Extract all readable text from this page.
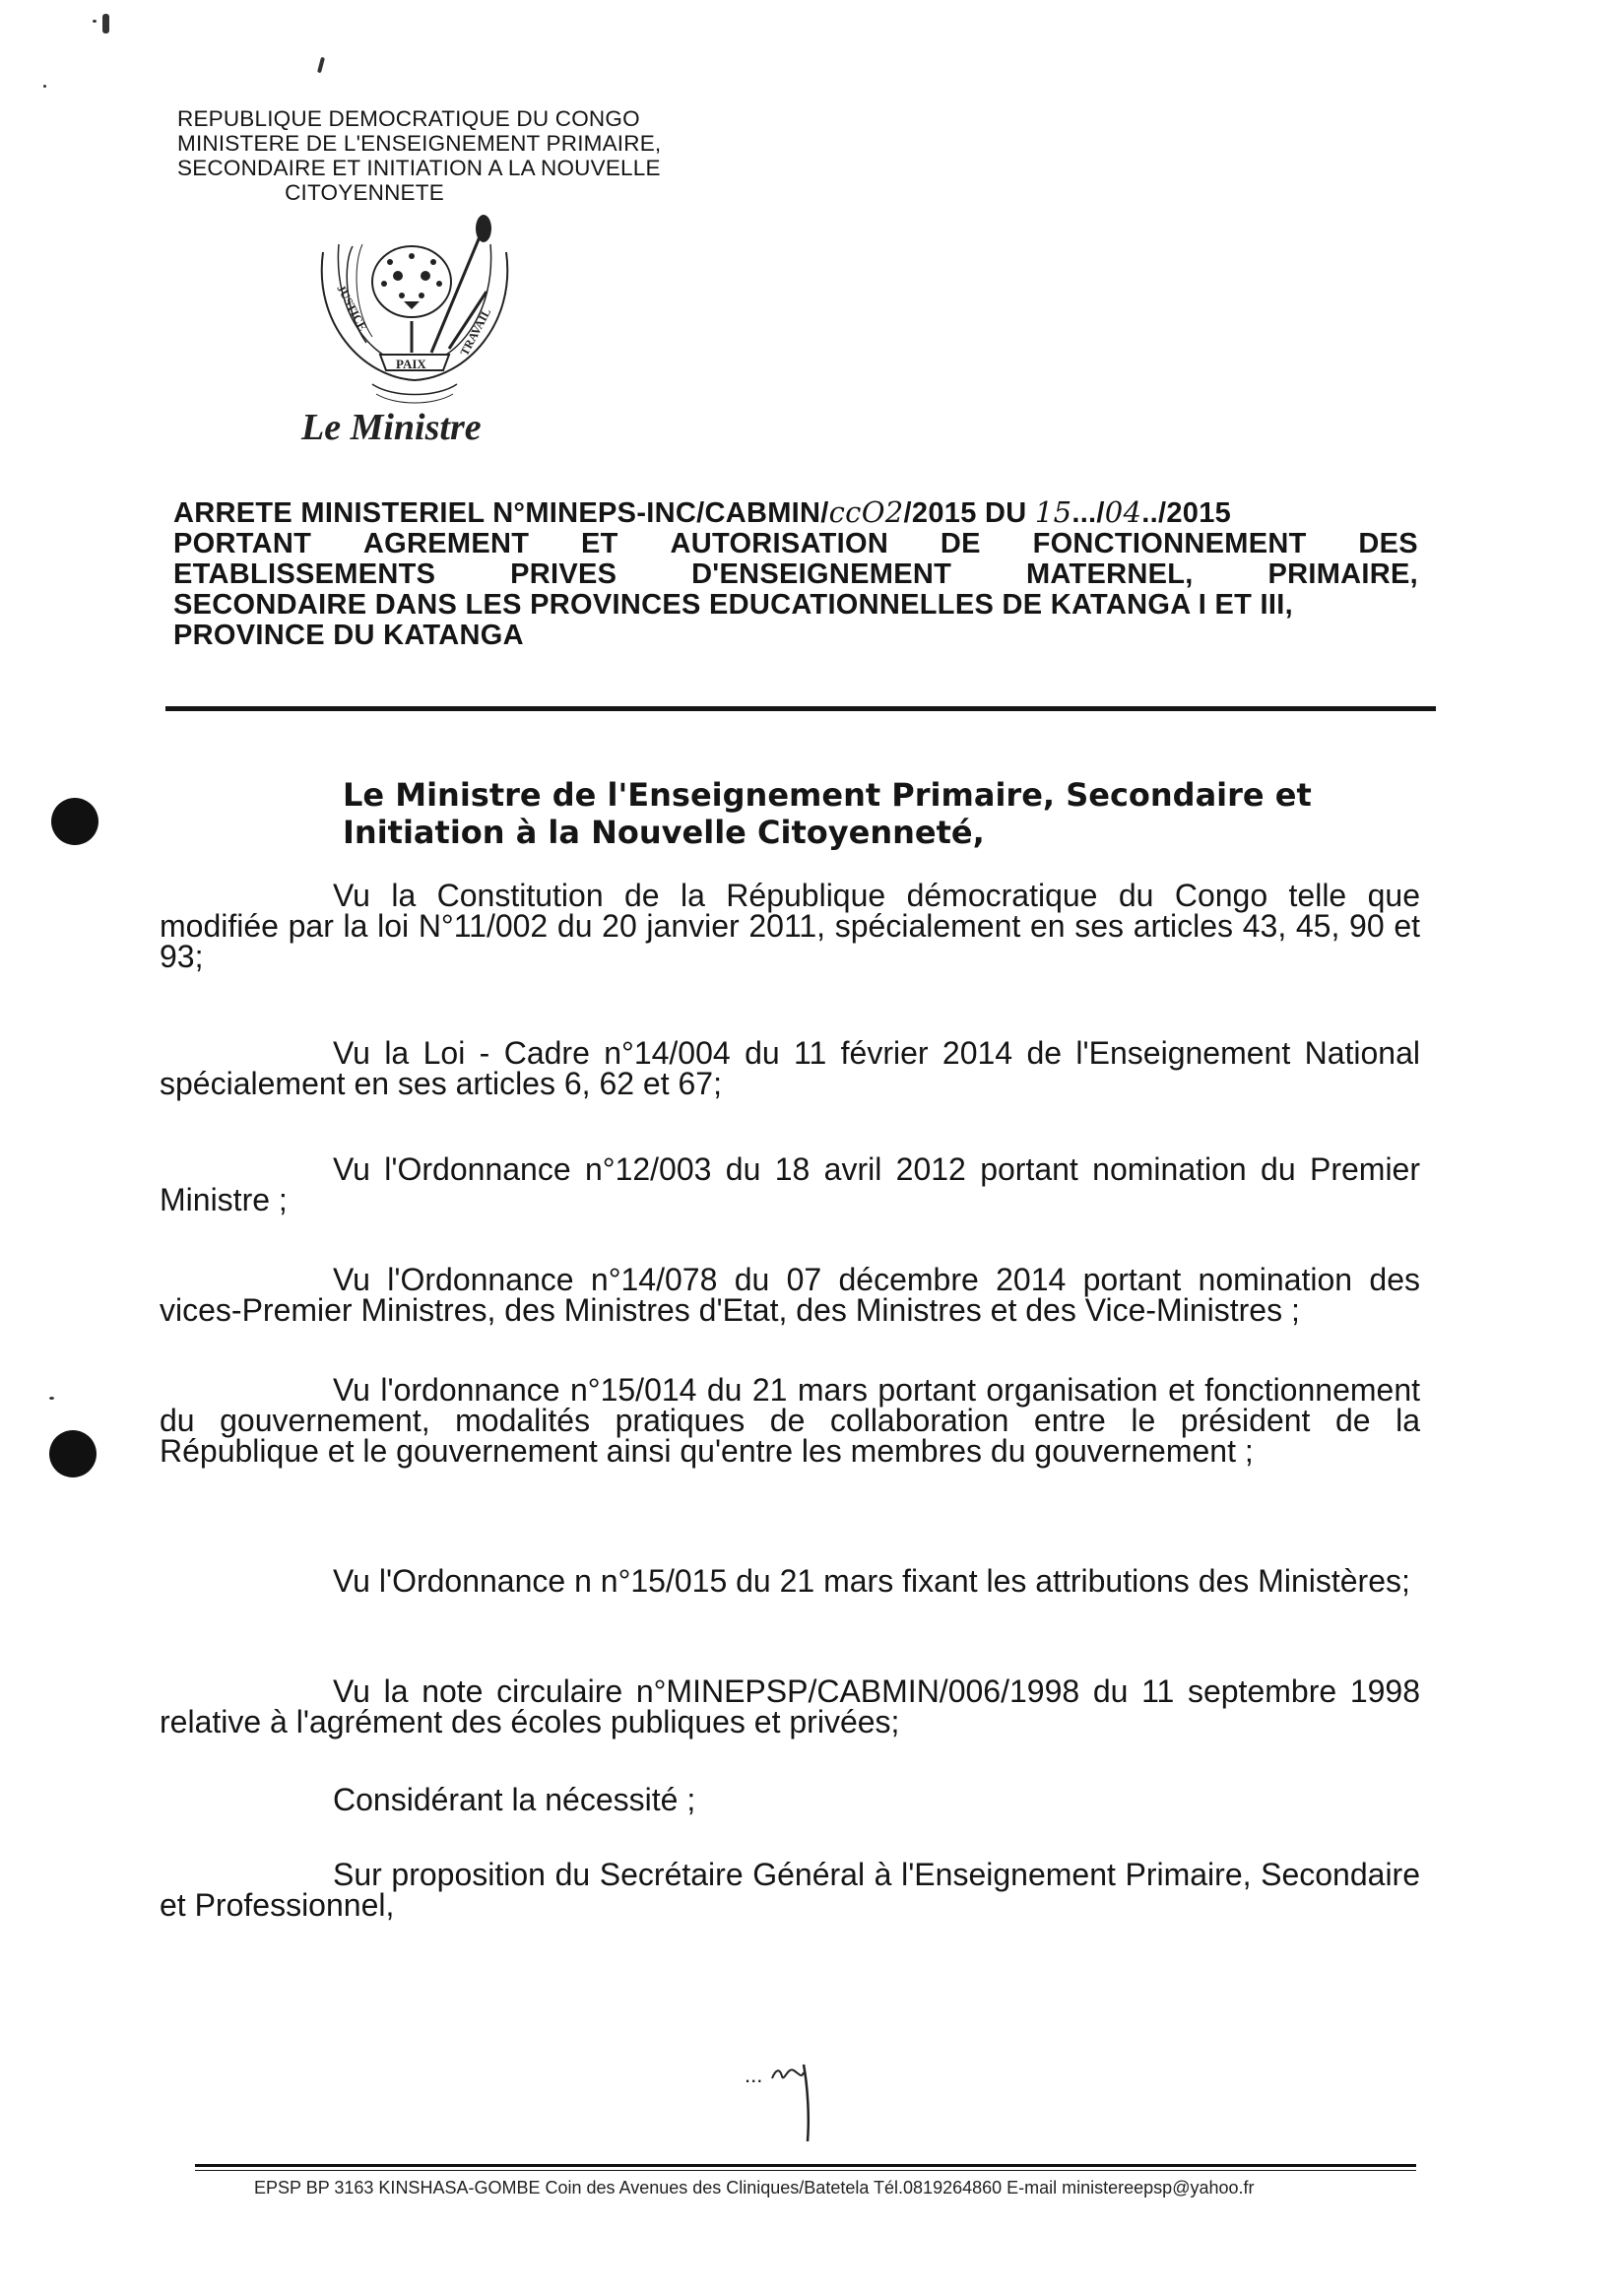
REPUBLIQUE DEMOCRATIQUE DU CONGO
MINISTERE DE L'ENSEIGNEMENT PRIMAIRE,
SECONDAIRE ET INITIATION A LA NOUVELLE
CITOYENNETE
JUSTICE
PAIX
TRAVAIL
Le Ministre
ARRETE MINISTERIEL N°MINEPS-INC/CABMIN/ccO2/2015 DU 15.../04../2015
PORTANT AGREMENT ET AUTORISATION DE FONCTIONNEMENT DES
ETABLISSEMENTS	PRIVES	D'ENSEIGNEMENT	MATERNEL,	PRIMAIRE,
SECONDAIRE DANS LES PROVINCES EDUCATIONNELLES DE KATANGA I ET III,
PROVINCE DU KATANGA
Le Ministre de l'Enseignement Primaire, Secondaire et Initiation à la Nouvelle Citoyenneté,

Vu la Constitution de la République démocratique du Congo telle que modifiée par la loi N°11/002 du 20 janvier 2011, spécialement en ses articles 43, 45, 90 et 93;

Vu la Loi - Cadre n°14/004 du 11 février 2014 de l'Enseignement National spécialement en ses articles 6, 62 et 67;

Vu l'Ordonnance n°12/003 du 18 avril 2012 portant nomination du Premier Ministre ;

Vu l'Ordonnance n°14/078 du 07 décembre 2014 portant nomination des vices-Premier Ministres, des Ministres d'Etat, des Ministres et des Vice-Ministres ;

Vu l'ordonnance n°15/014 du 21 mars portant organisation et fonctionnement du gouvernement, modalités pratiques de collaboration entre le président de la République et le gouvernement ainsi qu'entre les membres du gouvernement ;

Vu l'Ordonnance n n°15/015 du 21 mars fixant les attributions des Ministères;

Vu la note circulaire n°MINEPSP/CABMIN/006/1998 du 11 septembre 1998 relative à l'agrément des écoles publiques et privées;

Considérant la nécessité ;

Sur proposition du Secrétaire Général à l'Enseignement Primaire, Secondaire et Professionnel,

...
EPSP BP 3163 KINSHASA-GOMBE Coin des Avenues des Cliniques/Batetela Tél.0819264860 E-mail ministereepsp@yahoo.fr
